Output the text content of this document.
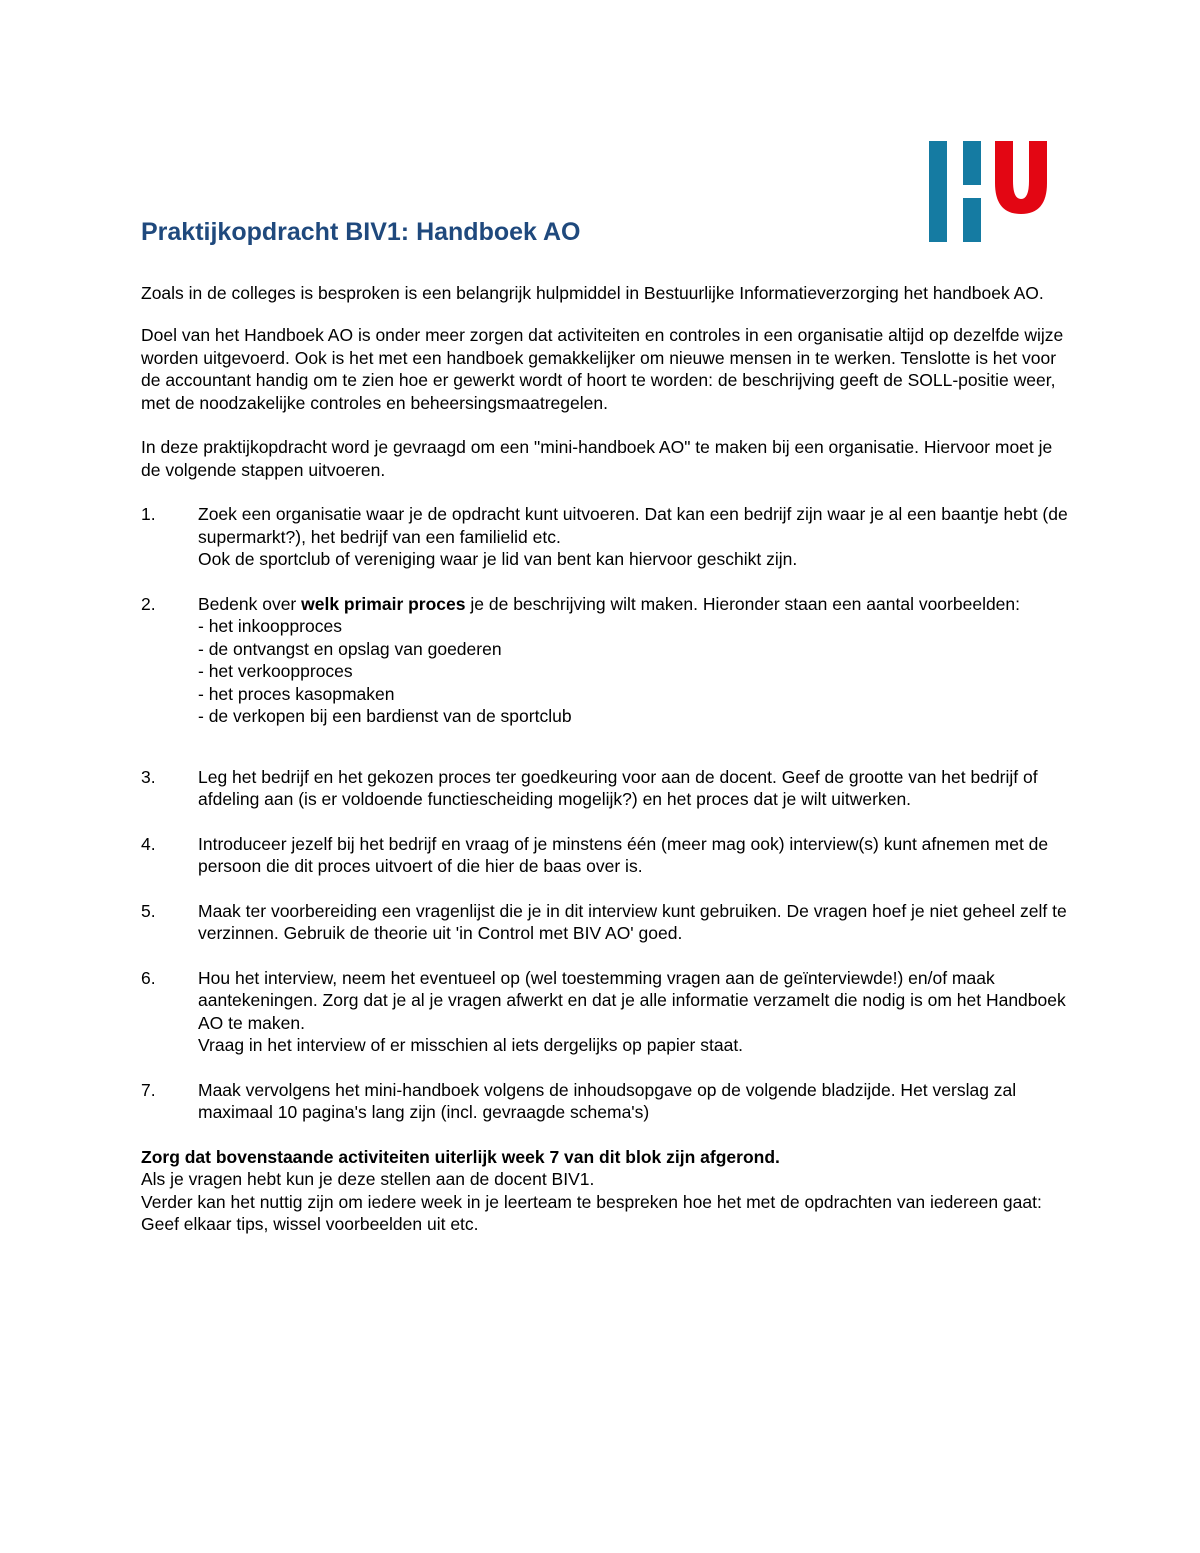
Praktijkopdracht BIV1: Handboek AO

Zoals in de colleges is besproken is een belangrijk hulpmiddel in Bestuurlijke Informatieverzorging het handboek AO.

Doel van het Handboek AO is onder meer zorgen dat activiteiten en controles in een organisatie altijd op dezelfde wijze worden uitgevoerd. Ook is het met een handboek gemakkelijker om nieuwe mensen in te werken. Tenslotte is het voor de accountant handig om te zien hoe er gewerkt wordt of hoort te worden: de beschrijving geeft de SOLL-positie weer, met de noodzakelijke controles en beheersingsmaatregelen.

In deze praktijkopdracht word je gevraagd om een "mini-handboek AO" te maken bij een organisatie. Hiervoor moet je de volgende stappen uitvoeren.

1. Zoek een organisatie waar je de opdracht kunt uitvoeren. Dat kan een bedrijf zijn waar je al een baantje hebt (de supermarkt?), het bedrijf van een familielid etc.
Ook de sportclub of vereniging waar je lid van bent kan hiervoor geschikt zijn.
2. Bedenk over welk primair proces je de beschrijving wilt maken. Hieronder staan een aantal voorbeelden:
- het inkoopproces
- de ontvangst en opslag van goederen
- het verkoopproces
- het proces kasopmaken
- de verkopen bij een bardienst van de sportclub
3. Leg het bedrijf en het gekozen proces ter goedkeuring voor aan de docent. Geef de grootte van het bedrijf of afdeling aan (is er voldoende functiescheiding mogelijk?) en het proces dat je wilt uitwerken.
4. Introduceer jezelf bij het bedrijf en vraag of je minstens één (meer mag ook) interview(s) kunt afnemen met de persoon die dit proces uitvoert of die hier de baas over is.
5. Maak ter voorbereiding een vragenlijst die je in dit interview kunt gebruiken. De vragen hoef je niet geheel zelf te verzinnen. Gebruik de theorie uit 'in Control met BIV AO' goed.
6. Hou het interview, neem het eventueel op (wel toestemming vragen aan de geïnterviewde!) en/of maak aantekeningen. Zorg dat je al je vragen afwerkt en dat je alle informatie verzamelt die nodig is om het Handboek AO te maken.
Vraag in het interview of er misschien al iets dergelijks op papier staat.
7. Maak vervolgens het mini-handboek volgens de inhoudsopgave op de volgende bladzijde. Het verslag zal maximaal 10 pagina's lang zijn (incl. gevraagde schema's)
Zorg dat bovenstaande activiteiten uiterlijk week 7 van dit blok zijn afgerond.
Als je vragen hebt kun je deze stellen aan de docent BIV1.
Verder kan het nuttig zijn om iedere week in je leerteam te bespreken hoe het met de opdrachten van iedereen gaat: Geef elkaar tips, wissel voorbeelden uit etc.
